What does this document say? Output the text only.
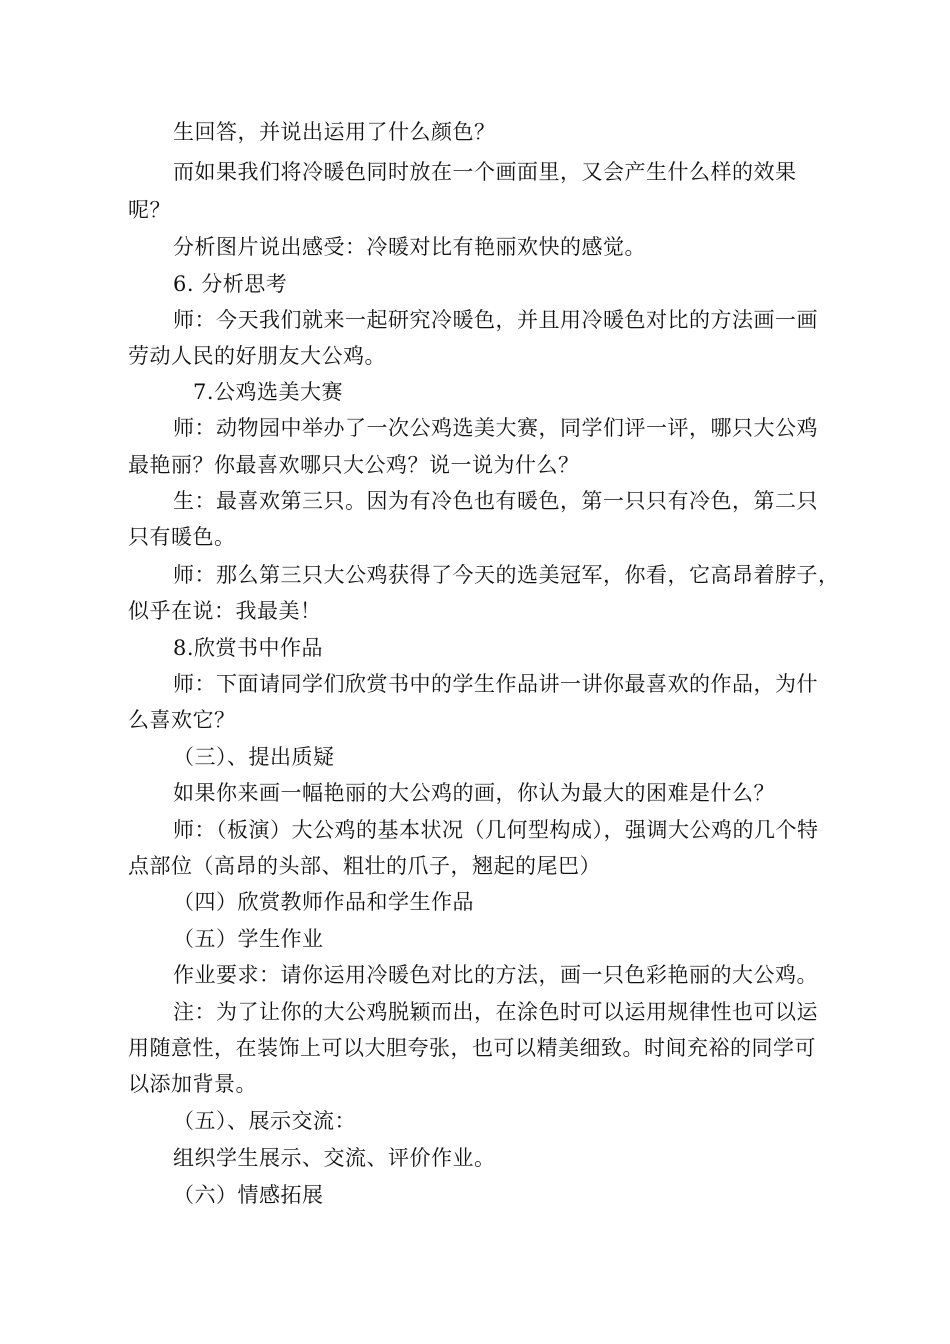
生回答，并说出运用了什么颜色？

而如果我们将冷暖色同时放在一个画面里，又会产生什么样的效果

呢？

分析图片说出感受：冷暖对比有艳丽欢快的感觉。

6. 分析思考

师：今天我们就来一起研究冷暖色，并且用冷暖色对比的方法画一画

劳动人民的好朋友大公鸡。

7.公鸡选美大赛

师：动物园中举办了一次公鸡选美大赛，同学们评一评，哪只大公鸡

最艳丽？你最喜欢哪只大公鸡？说一说为什么？

生：最喜欢第三只。因为有冷色也有暖色，第一只只有冷色，第二只

只有暖色。

师：那么第三只大公鸡获得了今天的选美冠军，你看，它高昂着脖子，

似乎在说：我最美！

8.欣赏书中作品

师：下面请同学们欣赏书中的学生作品讲一讲你最喜欢的作品，为什

么喜欢它？

（三）、提出质疑

如果你来画一幅艳丽的大公鸡的画，你认为最大的困难是什么？

师：（板演）大公鸡的基本状况（几何型构成），强调大公鸡的几个特

点部位（高昂的头部、粗壮的爪子，翘起的尾巴）

（四）欣赏教师作品和学生作品

（五）学生作业

作业要求：请你运用冷暖色对比的方法，画一只色彩艳丽的大公鸡。

注：为了让你的大公鸡脱颖而出，在涂色时可以运用规律性也可以运

用随意性，在装饰上可以大胆夸张，也可以精美细致。时间充裕的同学可

以添加背景。

（五）、展示交流：

组织学生展示、交流、评价作业。

（六）情感拓展
